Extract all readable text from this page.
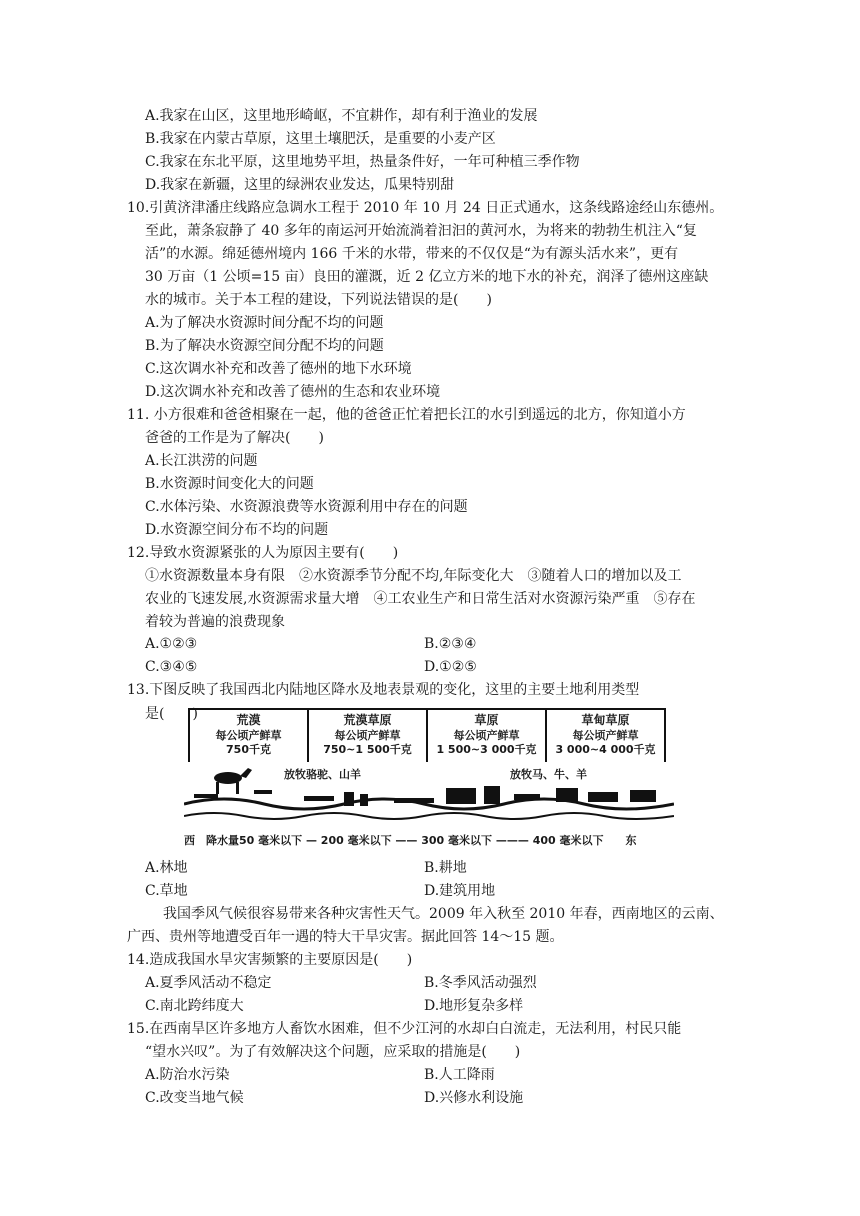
A.我家在山区，这里地形崎岖，不宜耕作，却有利于渔业的发展
B.我家在内蒙古草原，这里土壤肥沃，是重要的小麦产区
C.我家在东北平原，这里地势平坦，热量条件好，一年可种植三季作物
D.我家在新疆，这里的绿洲农业发达，瓜果特别甜
10.引黄济津潘庄线路应急调水工程于 2010 年 10 月 24 日正式通水，这条线路途经山东德州。
至此，萧条寂静了 40 多年的南运河开始流淌着汩汩的黄河水，为将来的勃勃生机注入“复
活”的水源。绵延德州境内 166 千米的水带，带来的不仅仅是“为有源头活水来”，更有
30 万亩（1 公顷=15 亩）良田的灌溉，近 2 亿立方米的地下水的补充，润泽了德州这座缺
水的城市。关于本工程的建设，下列说法错误的是(　　)
A.为了解决水资源时间分配不均的问题
B.为了解决水资源空间分配不均的问题
C.这次调水补充和改善了德州的地下水环境
D.这次调水补充和改善了德州的生态和农业环境
11. 小方很难和爸爸相聚在一起，他的爸爸正忙着把长江的水引到遥远的北方，你知道小方
爸爸的工作是为了解决(　　)
A.长江洪涝的问题
B.水资源时间变化大的问题
C.水体污染、水资源浪费等水资源利用中存在的问题
D.水资源空间分布不均的问题
12.导致水资源紧张的人为原因主要有(　　)
①水资源数量本身有限　②水资源季节分配不均,年际变化大　③随着人口的增加以及工
农业的飞速发展,水资源需求量大增　④工农业生产和日常生活对水资源污染严重　⑤存在
着较为普遍的浪费现象
A.①②③	B.②③④
C.③④⑤	D.①②⑤
13.下图反映了我国西北内陆地区降水及地表景观的变化，这里的主要土地利用类型
是(　　)	荒漠
每公顷产鲜草
750千克
荒漠草原
每公顷产鲜草
750~1 500千克
草原
每公顷产鲜草
1 500~3 000千克
草甸草原
每公顷产鲜草
3 000~4 000千克
放牧骆驼、山羊	放牧马、牛、羊
西　降水量50 毫米以下 — 200 毫米以下 —— 300 毫米以下 ——— 400 毫米以下　　东
A.林地	B.耕地
C.草地	D.建筑用地
我国季风气候很容易带来各种灾害性天气。2009 年入秋至 2010 年春，西南地区的云南、
广西、贵州等地遭受百年一遇的特大干旱灾害。据此回答 14～15 题。
14.造成我国水旱灾害频繁的主要原因是(　　)
A.夏季风活动不稳定	B.冬季风活动强烈
C.南北跨纬度大	D.地形复杂多样
15.在西南旱区许多地方人畜饮水困难，但不少江河的水却白白流走，无法利用，村民只能
“望水兴叹”。为了有效解决这个问题，应采取的措施是(　　)
A.防治水污染	B.人工降雨
C.改变当地气候	D.兴修水利设施
